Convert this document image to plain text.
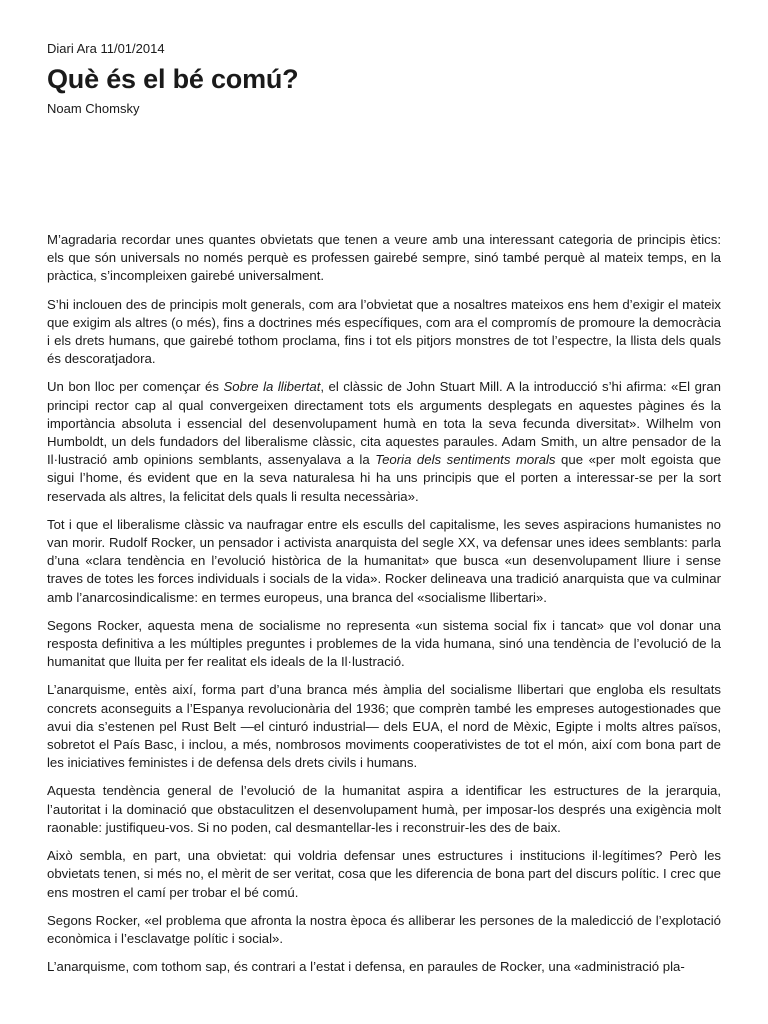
Diari Ara 11/01/2014

Què és el bé comú?

Noam Chomsky

M’agradaria recordar unes quantes obvietats que tenen a veure amb una interessant categoria de principis ètics: els que són universals no només perquè es professen gairebé sempre, sinó també perquè al mateix temps, en la pràctica, s’incompleixen gairebé universalment.

S’hi inclouen des de principis molt generals, com ara l’obvietat que a nosaltres mateixos ens hem d’exigir el mateix que exigim als altres (o més), fins a doctrines més específiques, com ara el compromís de promoure la democràcia i els drets humans, que gairebé tothom proclama, fins i tot els pitjors monstres de tot l’espectre, la llista dels quals és descoratjadora.

Un bon lloc per començar és Sobre la llibertat, el clàssic de John Stuart Mill. A la introducció s’hi afirma: «El gran principi rector cap al qual convergeixen directament tots els arguments desplegats en aquestes pàgines és la importància absoluta i essencial del desenvolupament humà en tota la seva fecunda diversitat». Wilhelm von Humboldt, un dels fundadors del liberalisme clàssic, cita aquestes paraules. Adam Smith, un altre pensador de la Il·lustració amb opinions semblants, assenyalava a la Teoria dels sentiments morals que «per molt egoista que sigui l’home, és evident que en la seva naturalesa hi ha uns principis que el porten a interessar-se per la sort reservada als altres, la felicitat dels quals li resulta necessària».

Tot i que el liberalisme clàssic va naufragar entre els esculls del capitalisme, les seves aspiracions humanistes no van morir. Rudolf Rocker, un pensador i activista anarquista del segle XX, va defensar unes idees semblants: parla d’una «clara tendència en l’evolució històrica de la humanitat» que busca «un desenvolupament lliure i sense traves de totes les forces individuals i socials de la vida». Rocker delineava una tradició anarquista que va culminar amb l’anarcosindicalisme: en termes europeus, una branca del «socialisme llibertari».

Segons Rocker, aquesta mena de socialisme no representa «un sistema social fix i tancat» que vol donar una resposta definitiva a les múltiples preguntes i problemes de la vida humana, sinó una tendència de l’evolució de la humanitat que lluita per fer realitat els ideals de la Il·lustració.

L’anarquisme, entès així, forma part d’una branca més àmplia del socialisme llibertari que engloba els resultats concrets aconseguits a l’Espanya revolucionària del 1936; que comprèn també les empreses autogestionades que avui dia s’estenen pel Rust Belt —el cinturó industrial— dels EUA, el nord de Mèxic, Egipte i molts altres països, sobretot el País Basc, i inclou, a més, nombrosos moviments cooperativistes de tot el món, així com bona part de les iniciatives feministes i de defensa dels drets civils i humans.

Aquesta tendència general de l’evolució de la humanitat aspira a identificar les estructures de la jerarquia, l’autoritat i la dominació que obstaculitzen el desenvolupament humà, per imposar-los després una exigència molt raonable: justifiqueu-vos. Si no poden, cal desmantellar-les i reconstruir-les des de baix.

Això sembla, en part, una obvietat: qui voldria defensar unes estructures i institucions il·legítimes? Però les obvietats tenen, si més no, el mèrit de ser veritat, cosa que les diferencia de bona part del discurs polític. I crec que ens mostren el camí per trobar el bé comú.

Segons Rocker, «el problema que afronta la nostra època és alliberar les persones de la maledicció de l’explotació econòmica i l’esclavatge polític i social».

L’anarquisme, com tothom sap, és contrari a l’estat i defensa, en paraules de Rocker, una «administració pla-
